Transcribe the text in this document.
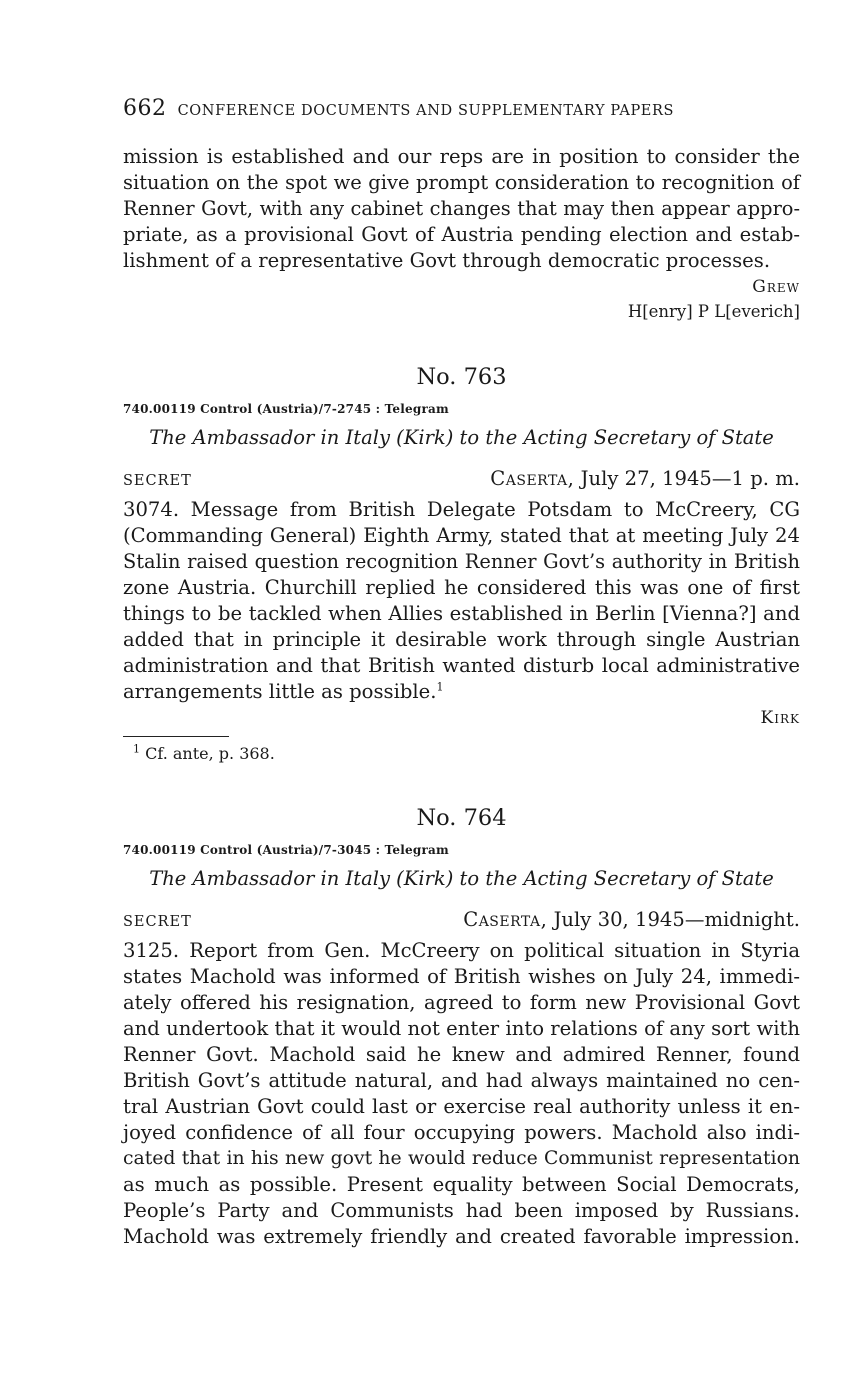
662 CONFERENCE DOCUMENTS AND SUPPLEMENTARY PAPERS
mission is established and our reps are in position to consider the
situation on the spot we give prompt consideration to recognition of
Renner Govt, with any cabinet changes that may then appear appro-
priate, as a provisional Govt of Austria pending election and estab-
lishment of a representative Govt through democratic processes.
Grew
H[enry] P L[everich]
No. 763
740.00119 Control (Austria)/7-2745 : Telegram
The Ambassador in Italy (Kirk) to the Acting Secretary of State
SECRET	Caserta, July 27, 1945—1 p. m.
3074. Message from British Delegate Potsdam to McCreery, CG
(Commanding General) Eighth Army, stated that at meeting July 24
Stalin raised question recognition Renner Govt’s authority in British
zone Austria. Churchill replied he considered this was one of first
things to be tackled when Allies established in Berlin [Vienna?] and
added that in principle it desirable work through single Austrian
administration and that British wanted disturb local administrative
arrangements little as possible.$^1$
Kirk
$^1$ Cf. ante, p. 368.
No. 764
740.00119 Control (Austria)/7-3045 : Telegram
The Ambassador in Italy (Kirk) to the Acting Secretary of State
SECRET	Caserta, July 30, 1945—midnight.
3125. Report from Gen. McCreery on political situation in Styria
states Machold was informed of British wishes on July 24, immedi-
ately offered his resignation, agreed to form new Provisional Govt
and undertook that it would not enter into relations of any sort with
Renner Govt. Machold said he knew and admired Renner, found
British Govt’s attitude natural, and had always maintained no cen-
tral Austrian Govt could last or exercise real authority unless it en-
joyed confidence of all four occupying powers. Machold also indi-
cated that in his new govt he would reduce Communist representation
as much as possible. Present equality between Social Democrats,
People’s Party and Communists had been imposed by Russians.
Machold was extremely friendly and created favorable impression.
